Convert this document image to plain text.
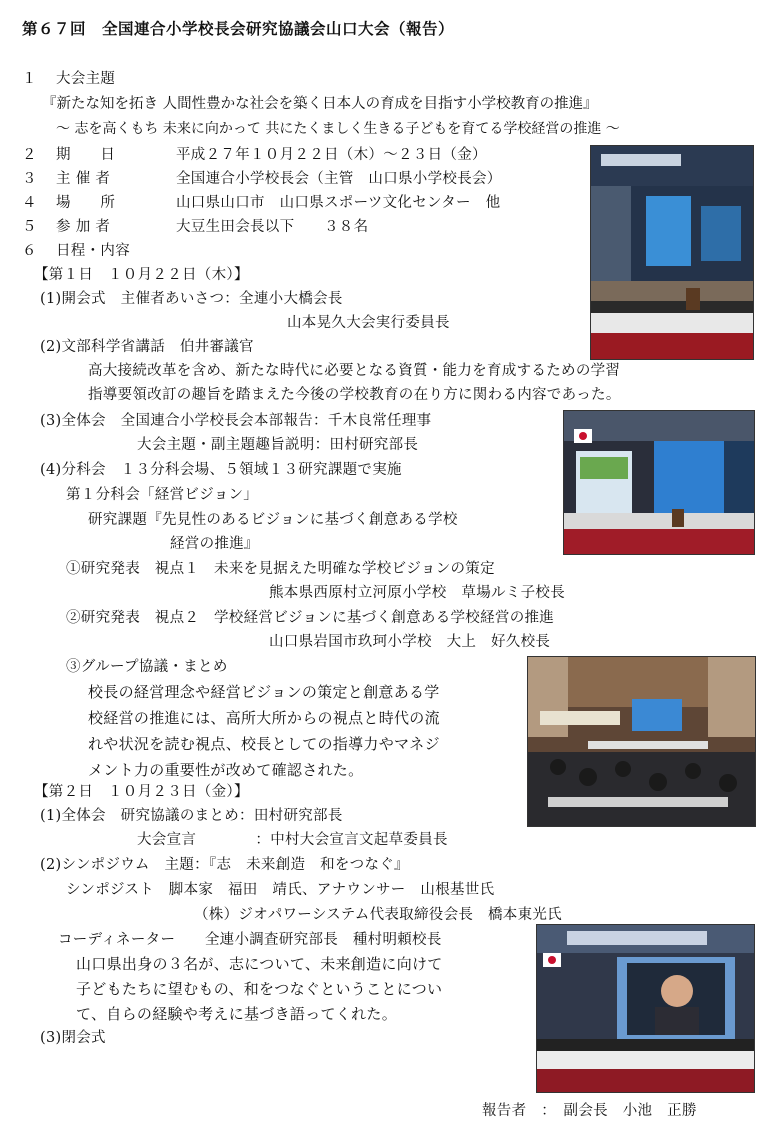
第６７回　全国連合小学校長会研究協議会山口大会（報告）
１ 大会主題
『新たな知を拓き 人間性豊かな社会を築く日本人の育成を目指す小学校教育の推進』
～ 志を高くもち 未来に向かって 共にたくましく生きる子どもを育てる学校経営の推進 ～
２ 期　　日	平成２７年１０月２２日（木）～２３日（金）
３ 主 催 者	全国連合小学校長会（主管　山口県小学校長会）
４ 場　　所	山口県山口市　山口県スポーツ文化センター　他
５ 参 加 者	大豆生田会長以下　　３８名
６ 日程・内容
【第１日　１０月２２日（木）】
(1)開会式　主催者あいさつ：全連小大橋会長
山本晃久大会実行委員長
(2)文部科学省講話　伯井審議官
高大接続改革を含め、新たな時代に必要となる資質・能力を育成するための学習
指導要領改訂の趣旨を踏まえた今後の学校教育の在り方に関わる内容であった。
(3)全体会　全国連合小学校長会本部報告：千木良常任理事
大会主題・副主題趣旨説明：田村研究部長
(4)分科会　１３分科会場、５領域１３研究課題で実施
第１分科会「経営ビジョン」
研究課題『先見性のあるビジョンに基づく創意ある学校
経営の推進』
①研究発表　視点１　未来を見据えた明確な学校ビジョンの策定
熊本県西原村立河原小学校　草場ルミ子校長
②研究発表　視点２　学校経営ビジョンに基づく創意ある学校経営の推進
山口県岩国市玖珂小学校　大上　好久校長
③グループ協議・まとめ
校長の経営理念や経営ビジョンの策定と創意ある学
校経営の推進には、高所大所からの視点と時代の流
れや状況を読む視点、校長としての指導力やマネジ
メント力の重要性が改めて確認された。
【第２日　１０月２３日（金）】
(1)全体会　研究協議のまとめ：田村研究部長
大会宣言　　　　：中村大会宣言文起草委員長
(2)シンポジウム　主題：『志　未来創造　和をつなぐ』
シンポジスト　脚本家　福田　靖氏、アナウンサー　山根基世氏
（株）ジオパワーシステム代表取締役会長　橋本東光氏
コーディネーター　　全連小調査研究部長　種村明頼校長
山口県出身の３名が、志について、未来創造に向けて
子どもたちに望むもの、和をつなぐということについ
て、自らの経験や考えに基づき語ってくれた。
(3)閉会式
報告者　：　副会長　小池　正勝
